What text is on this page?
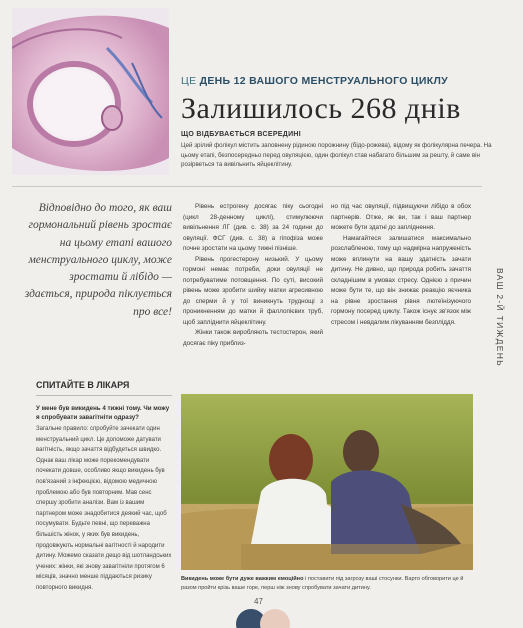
ЦЕ ДЕНЬ 12 ВАШОГО МЕНСТРУАЛЬНОГО ЦИКЛУ
Залишилось 268 днів
ЩО ВІДБУВАЄТЬСЯ ВСЕРЕДИНІ
Цей зрілий фолікул містить заповнену рідиною порожнину (бідо-рожева), відому як фолікулярна печера. На цьому етапі, безпосередньо перед овуляцією, один фолікул став набагато більшим за решту, й саме він розірветься та вивільнить яйцеклітину.
Відповідно до того, як ваш гормональний рівень зростає на цьому етапі вашого менструального циклу, може зростати й лібідо — здається, природа піклується про все!
СПИТАЙТЕ В ЛІКАРЯ
У мене був викидень 4 тижні тому. Чи можу я спробувати завагітніти одразу?
Загальне правило: спробуйте зачекати один менструальний цикл. Це допоможе датувати вагітність, якщо зачаття відбудеться швидко. Однак ваш лікар може порекомендувати почекати довше, особливо якщо викидень був пов'язаний з інфекцією, відомою медичною проблемою або був повторним. Мав сенс спершу зробити аналізи. Вам із вашим партнером може знадобитися деякий час, щоб посумувати. Будьте певні, що переважна більшість жінок, у яких був викидень, продовжують нормальні вагітності й народити дитину. Можемо сказати дещо від шотландських учених: жінки, які знову завагітніли протягом 6 місяців, значно менше піддаються ризику повторного викидня.

Рівень естрогену досягає піку сьогодні (цикл 28-денному циклі), стимулюючи вивільнення ЛГ (див. с. 38) за 24 години до овуляції. ФСГ (див. с. 38) а гіпофіза може почне зростати на цьому тижні пізніше.

Рівень прогестерону низький. У цьому гормоні немає потреби, доки овуляції не потребуватиме потовщення. По суті, високий рівень може зробити шийку матки агресивною до сперми й у тої виникнуть труднощі з проникненням до матки й фаллопієвих труб, щоб запліднити яйцеклітину.

Жінки також виробляють тестостерон, який досягає піку приблиз-

но під час овуляції, підвищуючи лібідо в обох партнерів. Отже, як ви, так і ваш партнер можете бути здатні до запліднення.

Намагайтеся залишатися максимально розслабленою, тому що надмірна напруженість може вплинути на вашу здатність зачати дитину. Не дивно, що природа робить зачаття складнішим в умовах стресу. Однією з причин може бути те, що він знижає реакцію яєчника на рівне зростання рівня лютеїнізуючого гормону посеред циклу. Також існує зв'язок між стресом і невдалим лікуванням безпліддя.	ВАШ 2-Й ТИЖДЕНЬ
Викидень може бути дуже важким емоційно і поставити під загрозу ваші стосунки. Варто обговорити це й разом пройти крізь ваше горе, перш ніж знову спробувати зачати дитину.
47
